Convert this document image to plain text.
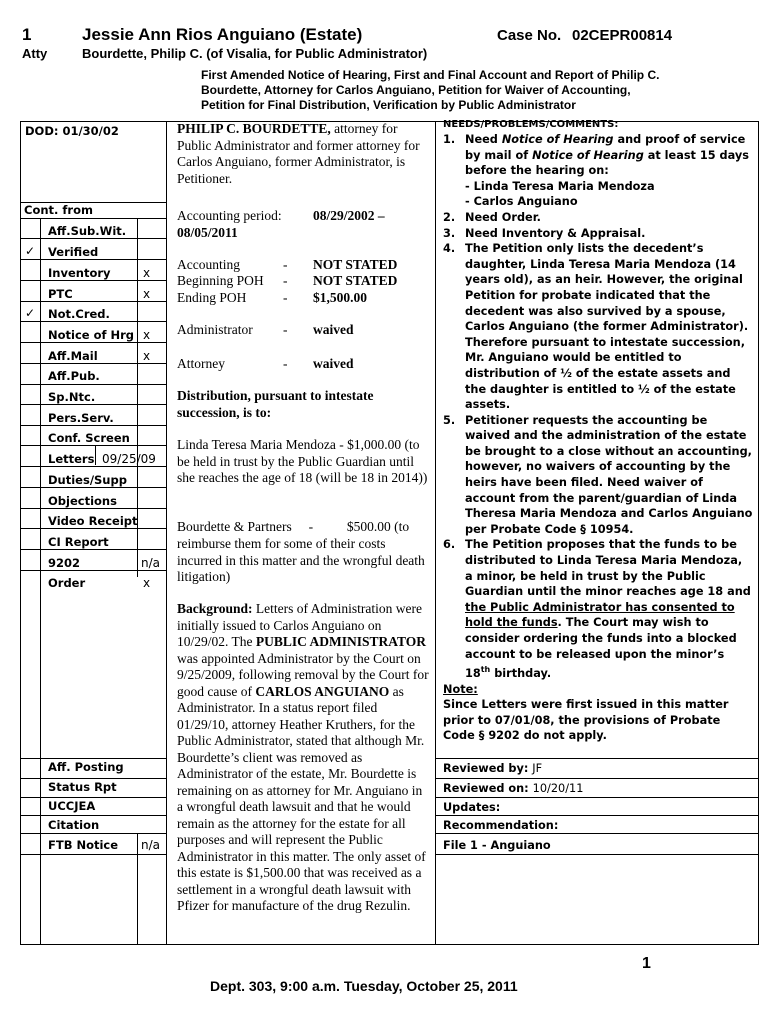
1	Jessie Ann Rios Anguiano (Estate)	Case No. 02CEPR00814
Atty	Bourdette, Philip C. (of Visalia, for Public Administrator)
First Amended Notice of Hearing, First and Final Account and Report of Philip C.
Bourdette, Attorney for Carlos Anguiano, Petition for Waiver of Accounting,
Petition for Final Distribution, Verification by Public Administrator
DOD: 01/30/02
Cont. from
Aff.Sub.Wit.
✓ Verified
Inventory	x
PTC	x
✓ Not.Cred.
Notice of Hrg x
Aff.Mail	x
Aff.Pub.
Sp.Ntc.
Pers.Serv.
Conf. Screen
Letters 09/25/09
Duties/Supp
Objections
Video Receipt
CI Report
9202	n/a
Order	x
Aff. Posting
Status Rpt
UCCJEA
Citation
FTB Notice n/a
PHILIP C. BOURDETTE, attorney for Public Administrator and former attorney for Carlos Anguiano, former Administrator, is Petitioner.
Accounting period: 08/29/2002 –
08/05/2011
Accounting	- NOT STATED
Beginning POH - NOT STATED
Ending POH	- $1,500.00
Administrator - waived
Attorney	- waived
Distribution, pursuant to intestate succession, is to:
Linda Teresa Maria Mendoza - $1,000.00 (to be held in trust by the Public Guardian until she reaches the age of 18 (will be 18 in 2014))
Bourdette & Partners     -          $500.00 (to
reimburse them for some of their costs incurred in this matter and the wrongful death litigation)
Background: Letters of Administration were initially issued to Carlos Anguiano on 10/29/02. The PUBLIC ADMINISTRATOR was appointed Administrator by the Court on 9/25/2009, following removal by the Court for good cause of CARLOS ANGUIANO as Administrator. In a status report filed 01/29/10, attorney Heather Kruthers, for the Public Administrator, stated that although Mr. Bourdette’s client was removed as Administrator of the estate, Mr. Bourdette is remaining on as attorney for Mr. Anguiano in a wrongful death lawsuit and that he would remain as the attorney for the estate for all purposes and will represent the Public Administrator in this matter. The only asset of this estate is $1,500.00 that was received as a settlement in a wrongful death lawsuit with Pfizer for manufacture of the drug Rezulin.
NEEDS/PROBLEMS/COMMENTS:
1. Need Notice of Hearing and proof of service by mail of Notice of Hearing at least 15 days before the hearing on:
- Linda Teresa Maria Mendoza
- Carlos Anguiano
2. Need Order.
3. Need Inventory & Appraisal.
4. The Petition only lists the decedent’s daughter, Linda Teresa Maria Mendoza (14 years old), as an heir. However, the original Petition for probate indicated that the decedent was also survived by a spouse, Carlos Anguiano (the former Administrator). Therefore pursuant to intestate succession, Mr. Anguiano would be entitled to distribution of ½ of the estate assets and the daughter is entitled to ½ of the estate assets.
5. Petitioner requests the accounting be waived and the administration of the estate be brought to a close without an accounting, however, no waivers of accounting by the heirs have been filed. Need waiver of account from the parent/guardian of Linda Theresa Maria Mendoza and Carlos Anguiano per Probate Code § 10954.
6. The Petition proposes that the funds to be distributed to Linda Teresa Maria Mendoza, a minor, be held in trust by the Public Guardian until the minor reaches age 18 and the Public Administrator has consented to hold the funds. The Court may wish to consider ordering the funds into a blocked account to be released upon the minor’s 18th birthday.
Note:
Since Letters were first issued in this matter prior to 07/01/08, the provisions of Probate Code § 9202 do not apply.
Reviewed by: JF
Reviewed on: 10/20/11
Updates:
Recommendation:
File 1 - Anguiano
1
Dept. 303, 9:00 a.m. Tuesday, October 25, 2011
